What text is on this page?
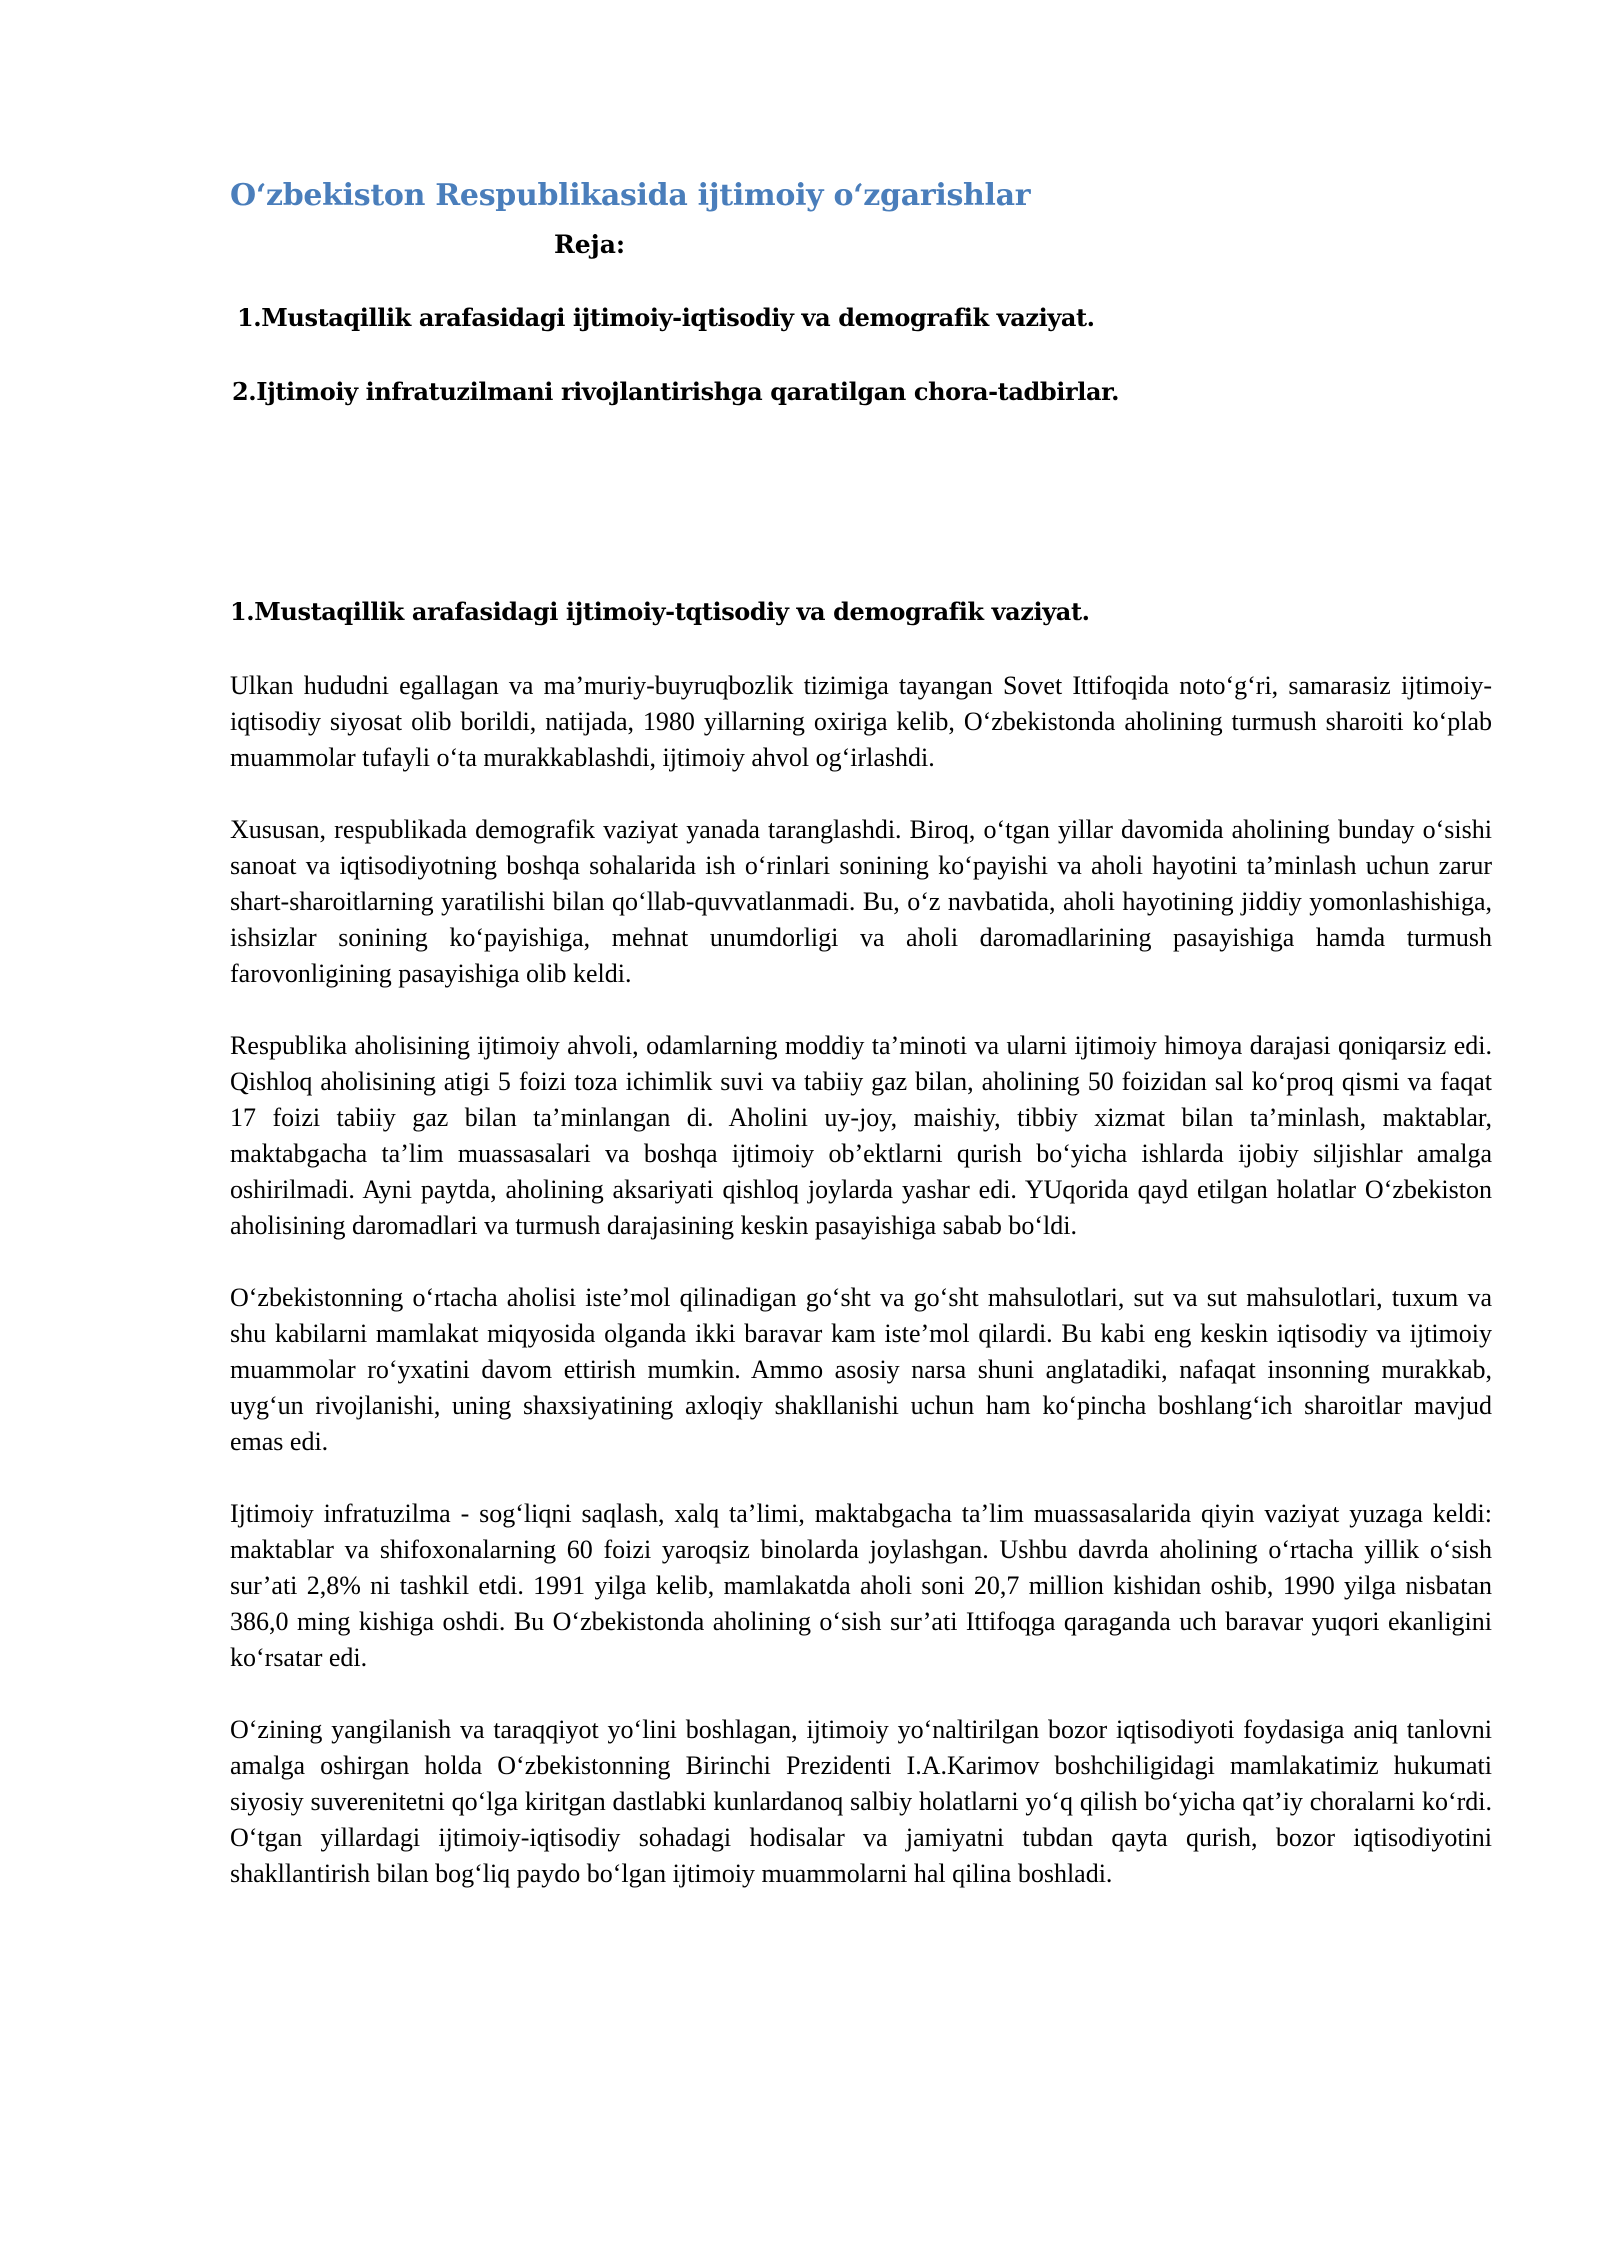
O‘zbekiston Respublikasida ijtimoiy o‘zgarishlar
Reja:
1.Mustaqillik arafasidagi ijtimoiy-iqtisodiy va demografik vaziyat.
2.Ijtimoiy infratuzilmani rivojlantirishga qaratilgan chora-tadbirlar.
1.Mustaqillik arafasidagi ijtimoiy-tqtisodiy va demografik vaziyat.

Ulkan hududni egallagan va ma’muriy-buyruqbozlik tizimiga tayangan Sovet Ittifoqida noto‘g‘ri, samarasiz ijtimoiy-iqtisodiy siyosat olib borildi, natijada, 1980 yillarning oxiriga kelib, O‘zbekistonda aholining turmush sharoiti ko‘plab muammolar tufayli o‘ta murakkablashdi, ijtimoiy ahvol og‘irlashdi.

Xususan, respublikada demografik vaziyat yanada taranglashdi. Biroq, o‘tgan yillar davomida aholining bunday o‘sishi sanoat va iqtisodiyotning boshqa sohalarida ish o‘rinlari sonining ko‘payishi va aholi hayotini ta’minlash uchun zarur shart-sharoitlarning yaratilishi bilan qo‘llab-quvvatlanmadi. Bu, o‘z navbatida, aholi hayotining jiddiy yomonlashishiga, ishsizlar sonining ko‘payishiga, mehnat unumdorligi va aholi daromadlarining pasayishiga hamda turmush farovonligining pasayishiga olib keldi.

Respublika aholisining ijtimoiy ahvoli, odamlarning moddiy ta’minoti va ularni ijtimoiy himoya darajasi qoniqarsiz edi. Qishloq aholisining atigi 5 foizi toza ichimlik suvi va tabiiy gaz bilan, aholining 50 foizidan sal ko‘proq qismi va faqat 17 foizi tabiiy gaz bilan ta’minlangan di. Aholini uy-joy, maishiy, tibbiy xizmat bilan ta’minlash, maktablar, maktabgacha ta’lim muassasalari va boshqa ijtimoiy ob’ektlarni qurish bo‘yicha ishlarda ijobiy siljishlar amalga oshirilmadi. Ayni paytda, aholining aksariyati qishloq joylarda yashar edi. YUqorida qayd etilgan holatlar O‘zbekiston aholisining daromadlari va turmush darajasining keskin pasayishiga sabab bo‘ldi.

O‘zbekistonning o‘rtacha aholisi iste’mol qilinadigan go‘sht va go‘sht mahsulotlari, sut va sut mahsulotlari, tuxum va shu kabilarni mamlakat miqyosida olganda ikki baravar kam iste’mol qilardi. Bu kabi eng keskin iqtisodiy va ijtimoiy muammolar ro‘yxatini davom ettirish mumkin. Ammo asosiy narsa shuni anglatadiki, nafaqat insonning murakkab, uyg‘un rivojlanishi, uning shaxsiyatining axloqiy shakllanishi uchun ham ko‘pincha boshlang‘ich sharoitlar mavjud emas edi.

Ijtimoiy infratuzilma - sog‘liqni saqlash, xalq ta’limi, maktabgacha ta’lim muassasalarida qiyin vaziyat yuzaga keldi: maktablar va shifoxonalarning 60 foizi yaroqsiz binolarda joylashgan. Ushbu davrda aholining o‘rtacha yillik o‘sish sur’ati 2,8% ni tashkil etdi. 1991 yilga kelib, mamlakatda aholi soni 20,7 million kishidan oshib, 1990 yilga nisbatan 386,0 ming kishiga oshdi. Bu O‘zbekistonda aholining o‘sish sur’ati Ittifoqga qaraganda uch baravar yuqori ekanligini ko‘rsatar edi.

O‘zining yangilanish va taraqqiyot yo‘lini boshlagan, ijtimoiy yo‘naltirilgan bozor iqtisodiyoti foydasiga aniq tanlovni amalga oshirgan holda O‘zbekistonning Birinchi Prezidenti I.A.Karimov boshchiligidagi mamlakatimiz hukumati siyosiy suverenitetni qo‘lga kiritgan dastlabki kunlardanoq salbiy holatlarni yo‘q qilish bo‘yicha qat’iy choralarni ko‘rdi. O‘tgan yillardagi ijtimoiy-iqtisodiy sohadagi hodisalar va jamiyatni tubdan qayta qurish, bozor iqtisodiyotini shakllantirish bilan bog‘liq paydo bo‘lgan ijtimoiy muammolarni hal qilina boshladi.
